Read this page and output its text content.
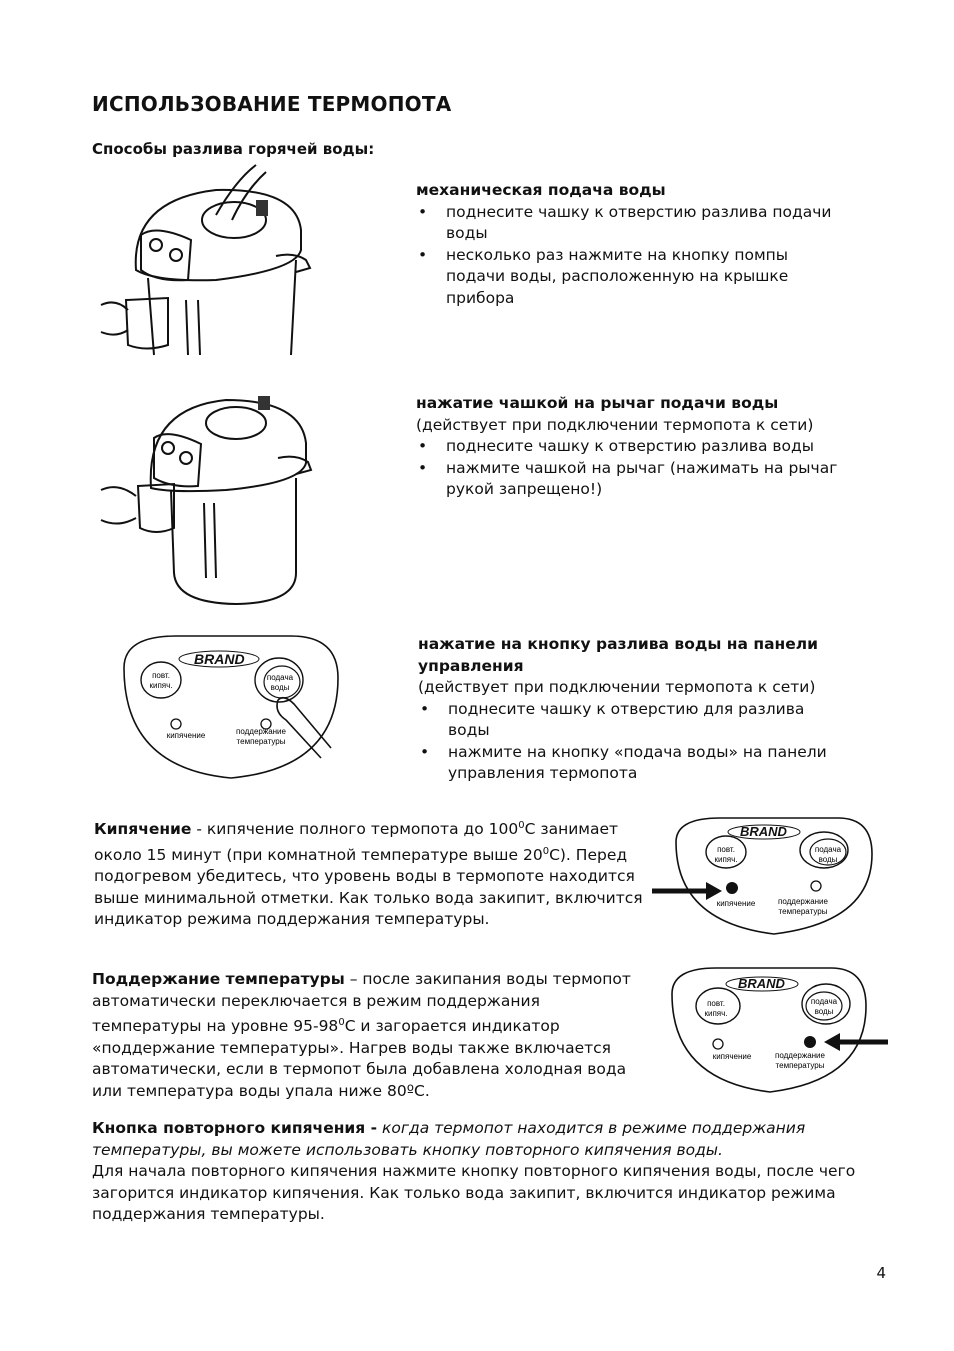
ИСПОЛЬЗОВАНИЕ ТЕРМОПОТА
Способы разлива горячей воды:
механическая подача воды
• поднесите чашку к отверстию разлива подачи воды
• несколько раз нажмите на кнопку помпы подачи воды, расположенную на крышке прибора
нажатие чашкой на рычаг подачи воды
(действует при подключении термопота к сети)
• поднесите чашку к отверстию разлива воды
• нажмите чашкой на рычаг (нажимать на рычаг рукой запрещено!)
BRAND
повт.
кипяч.
подача
воды
кипячение	поддержание
температуры
нажатие на кнопку разлива воды на панели управления
(действует при подключении термопота к сети)
• поднесите чашку к отверстию для разлива воды
• нажмите на кнопку «подача воды» на панели управления термопота
Кипячение - кипячение полного термопота до $100^0С$ занимает около 15 минут (при комнатной температуре выше $20^0С$). Перед подогревом убедитесь, что уровень воды в термопоте находится выше минимальной отметки. Как только вода закипит, включится индикатор режима поддержания температуры.
BRAND
повт.
кипяч.
подача
воды
кипячение	поддержание
температуры
Поддержание температуры – после закипания воды термопот автоматически переключается в режим поддержания температуры на уровне $95-98^0С$ и загорается индикатор «поддержание температуры». Нагрев воды также включается автоматически, если в термопот была добавлена холодная вода или температура воды упала ниже 80ºС.
BRAND
повт.
кипяч.
подача
воды
кипячение	поддержание
температуры
Кнопка повторного кипячения - когда термопот находится в режиме поддержания температуры, вы можете использовать кнопку повторного кипячения воды.
Для начала повторного кипячения нажмите кнопку повторного кипячения воды, после чего загорится индикатор кипячения. Как только вода закипит, включится индикатор режима поддержания температуры.
4
